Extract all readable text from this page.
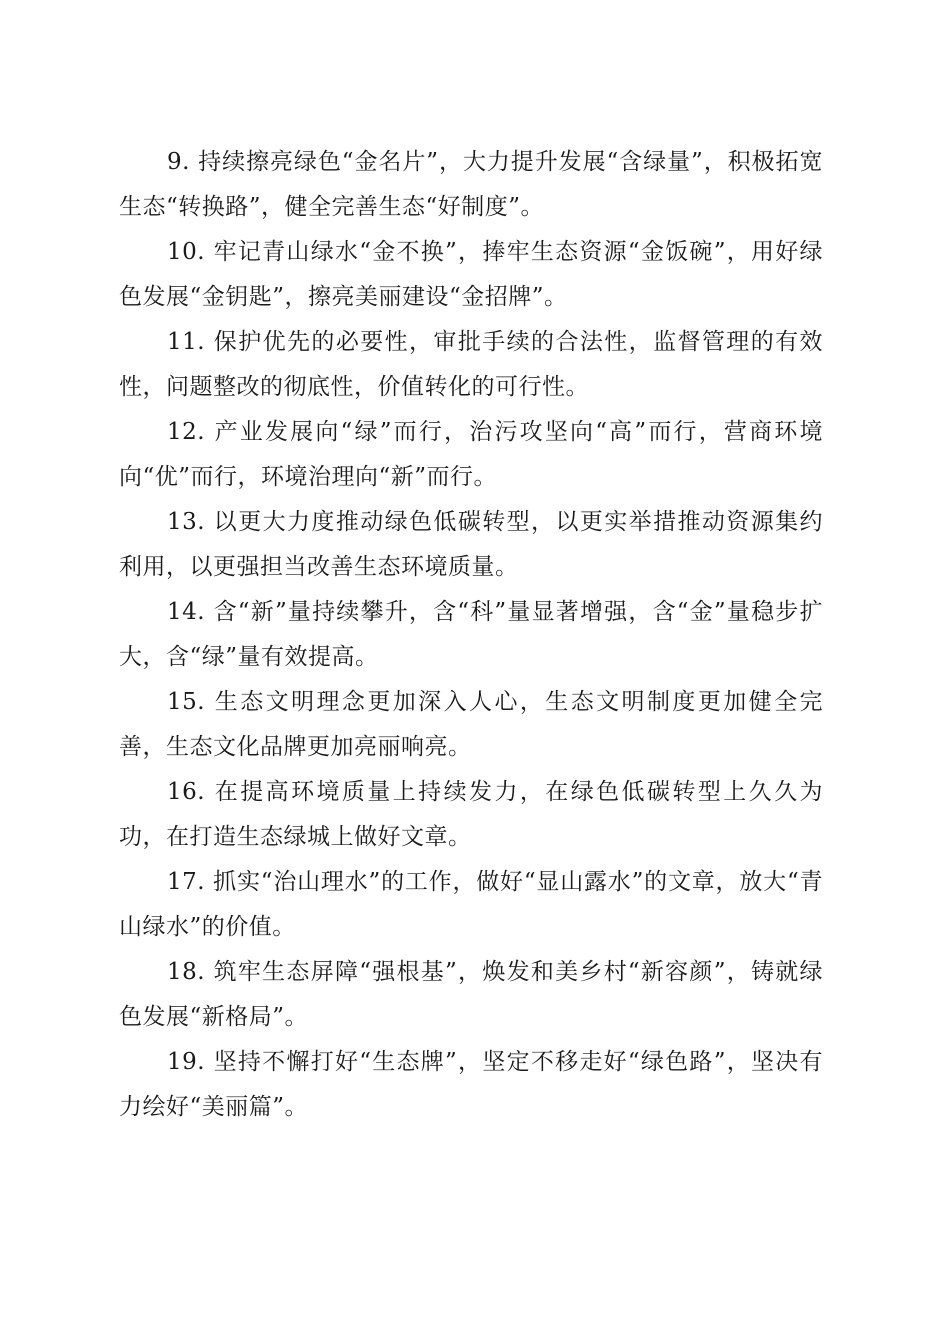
9. 持续擦亮绿色“金名片”，大力提升发展“含绿量”，积极拓宽生态“转换路”，健全完善生态“好制度”。

10. 牢记青山绿水“金不换”，捧牢生态资源“金饭碗”，用好绿色发展“金钥匙”，擦亮美丽建设“金招牌”。

11. 保护优先的必要性，审批手续的合法性，监督管理的有效性，问题整改的彻底性，价值转化的可行性。

12. 产业发展向“绿”而行，治污攻坚向“高”而行，营商环境向“优”而行，环境治理向“新”而行。

13. 以更大力度推动绿色低碳转型，以更实举措推动资源集约利用，以更强担当改善生态环境质量。

14. 含“新”量持续攀升，含“科”量显著增强，含“金”量稳步扩大，含“绿”量有效提高。

15. 生态文明理念更加深入人心，生态文明制度更加健全完善，生态文化品牌更加亮丽响亮。

16. 在提高环境质量上持续发力，在绿色低碳转型上久久为功，在打造生态绿城上做好文章。

17. 抓实“治山理水”的工作，做好“显山露水”的文章，放大“青山绿水”的价值。

18. 筑牢生态屏障“强根基”，焕发和美乡村“新容颜”，铸就绿色发展“新格局”。

19. 坚持不懈打好“生态牌”，坚定不移走好“绿色路”，坚决有力绘好“美丽篇”。
